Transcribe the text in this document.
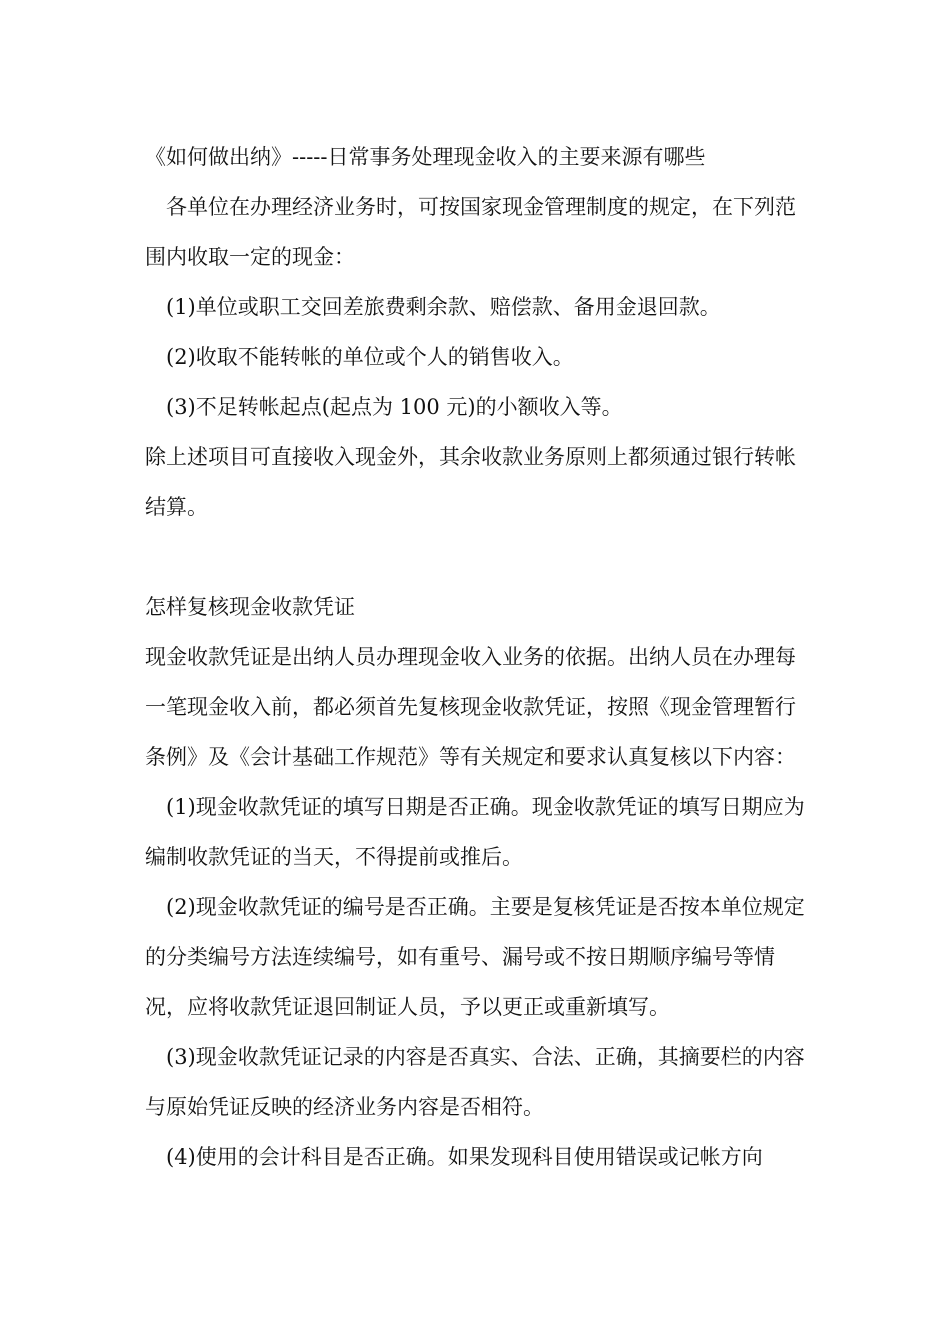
《如何做出纳》-----日常事务处理现金收入的主要来源有哪些

各单位在办理经济业务时，可按国家现金管理制度的规定，在下列范围内收取一定的现金：

(1)单位或职工交回差旅费剩余款、赔偿款、备用金退回款。

(2)收取不能转帐的单位或个人的销售收入。

(3)不足转帐起点(起点为 100 元)的小额收入等。

除上述项目可直接收入现金外，其余收款业务原则上都须通过银行转帐结算。

怎样复核现金收款凭证

现金收款凭证是出纳人员办理现金收入业务的依据。出纳人员在办理每一笔现金收入前，都必须首先复核现金收款凭证，按照《现金管理暂行条例》及《会计基础工作规范》等有关规定和要求认真复核以下内容：

(1)现金收款凭证的填写日期是否正确。现金收款凭证的填写日期应为编制收款凭证的当天，不得提前或推后。

(2)现金收款凭证的编号是否正确。主要是复核凭证是否按本单位规定的分类编号方法连续编号，如有重号、漏号或不按日期顺序编号等情况，应将收款凭证退回制证人员，予以更正或重新填写。

(3)现金收款凭证记录的内容是否真实、合法、正确，其摘要栏的内容与原始凭证反映的经济业务内容是否相符。

(4)使用的会计科目是否正确。如果发现科目使用错误或记帐方向
